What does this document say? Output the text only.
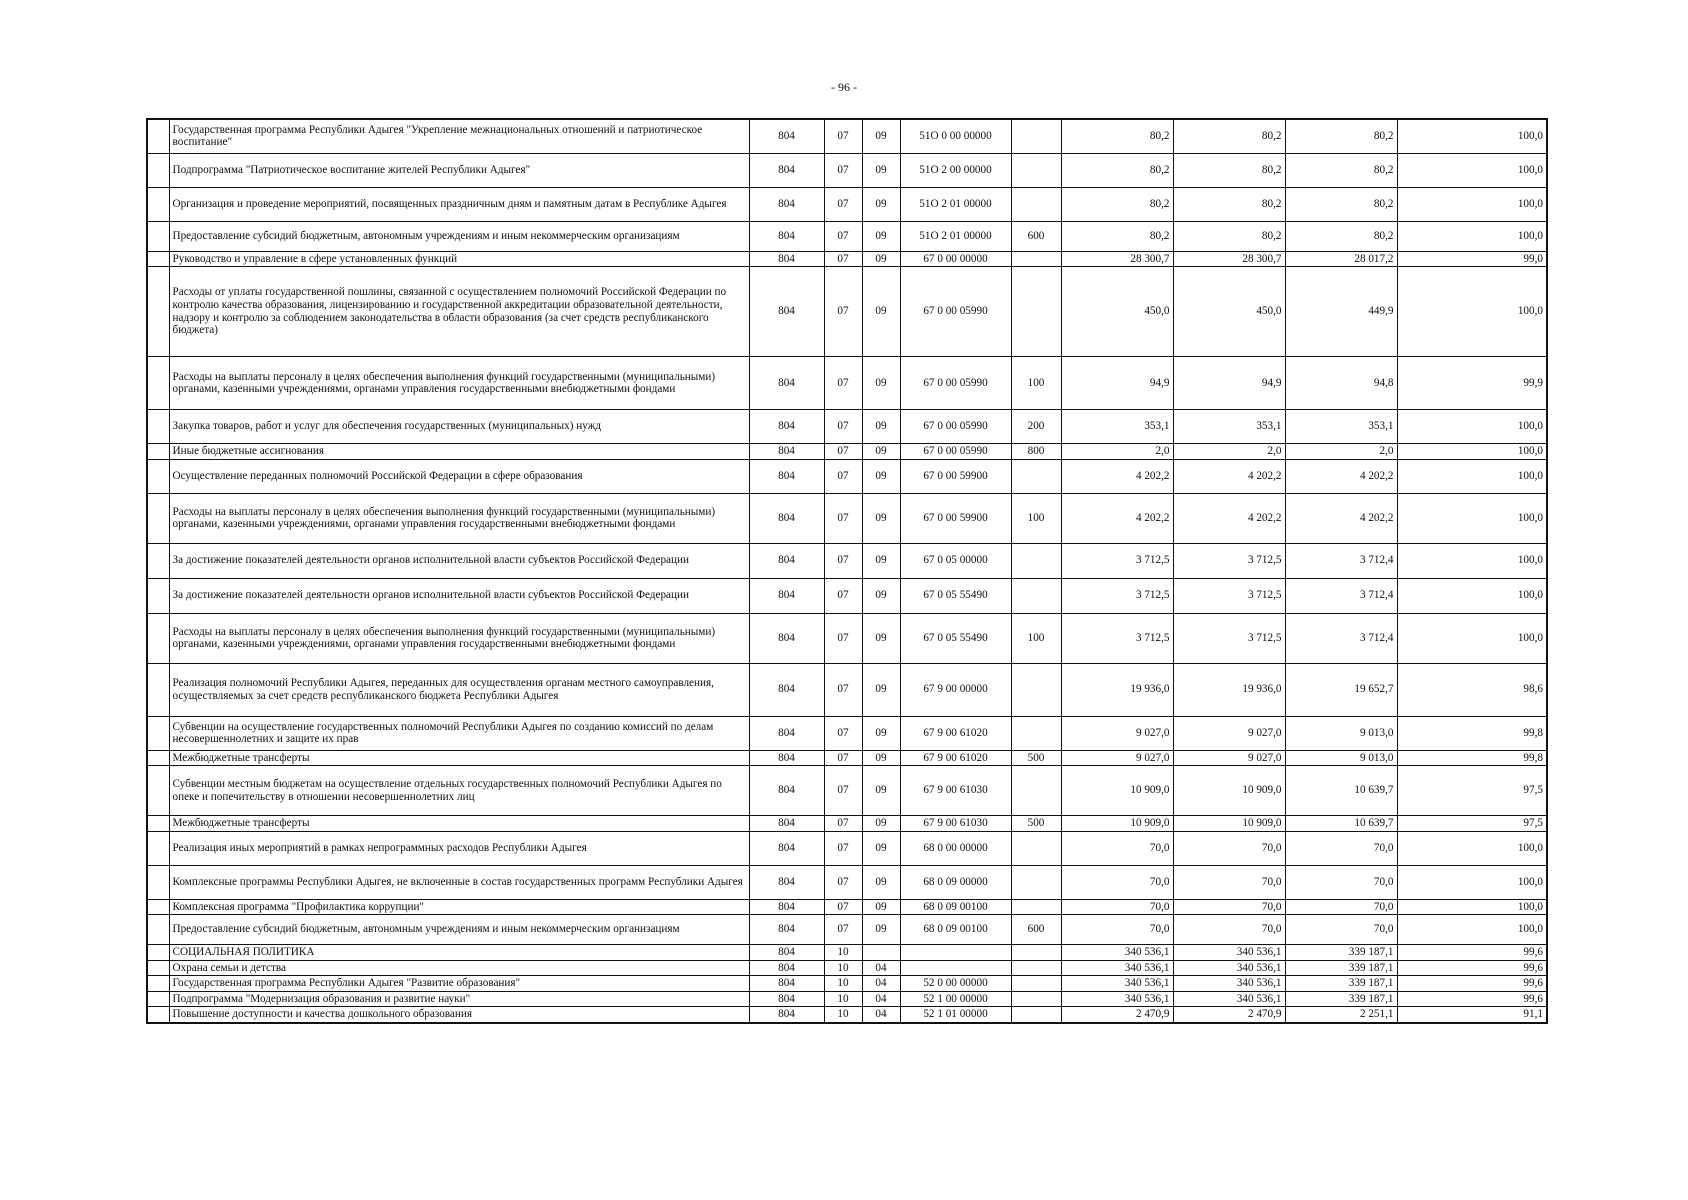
- 96 -
	Государственная программа Республики Адыгея "Укрепление межнациональных отношений и патриотическое воспитание"	804	07	09	51О 0 00 00000		80,2	80,2	80,2	100,0
	Подпрограмма "Патриотическое воспитание жителей Республики Адыгея"	804	07	09	51О 2 00 00000		80,2	80,2	80,2	100,0
	Организация и проведение мероприятий, посвященных праздничным дням и памятным датам в Республике Адыгея	804	07	09	51О 2 01 00000		80,2	80,2	80,2	100,0
	Предоставление субсидий бюджетным, автономным учреждениям и иным некоммерческим организациям	804	07	09	51О 2 01 00000	600	80,2	80,2	80,2	100,0
	Руководство и управление в сфере установленных функций	804	07	09	67 0 00 00000		28 300,7	28 300,7	28 017,2	99,0
	Расходы от уплаты государственной пошлины, связанной с осуществлением полномочий Российской Федерации по контролю качества образования, лицензированию и государственной аккредитации образовательной деятельности, надзору и контролю за соблюдением законодательства в области образования (за счет средств республиканского бюджета)	804	07	09	67 0 00 05990		450,0	450,0	449,9	100,0
	Расходы на выплаты персоналу в целях обеспечения выполнения функций государственными (муниципальными) органами, казенными учреждениями, органами управления государственными внебюджетными фондами	804	07	09	67 0 00 05990	100	94,9	94,9	94,8	99,9
	Закупка товаров, работ и услуг для обеспечения государственных (муниципальных) нужд	804	07	09	67 0 00 05990	200	353,1	353,1	353,1	100,0
	Иные бюджетные ассигнования	804	07	09	67 0 00 05990	800	2,0	2,0	2,0	100,0
	Осуществление переданных полномочий Российской Федерации в сфере образования	804	07	09	67 0 00 59900		4 202,2	4 202,2	4 202,2	100,0
	Расходы на выплаты персоналу в целях обеспечения выполнения функций государственными (муниципальными) органами, казенными учреждениями, органами управления государственными внебюджетными фондами	804	07	09	67 0 00 59900	100	4 202,2	4 202,2	4 202,2	100,0
	За достижение показателей деятельности органов исполнительной власти субъектов Российской Федерации	804	07	09	67 0 05 00000		3 712,5	3 712,5	3 712,4	100,0
	За достижение показателей деятельности органов исполнительной власти субъектов Российской Федерации	804	07	09	67 0 05 55490		3 712,5	3 712,5	3 712,4	100,0
	Расходы на выплаты персоналу в целях обеспечения выполнения функций государственными (муниципальными) органами, казенными учреждениями, органами управления государственными внебюджетными фондами	804	07	09	67 0 05 55490	100	3 712,5	3 712,5	3 712,4	100,0
	Реализация полномочий Республики Адыгея, переданных для осуществления органам местного самоуправления, осуществляемых за счет средств республиканского бюджета Республики Адыгея	804	07	09	67 9 00 00000		19 936,0	19 936,0	19 652,7	98,6
	Субвенции на осуществление государственных полномочий Республики Адыгея по созданию комиссий по делам несовершеннолетних и защите их прав	804	07	09	67 9 00 61020		9 027,0	9 027,0	9 013,0	99,8
	Межбюджетные трансферты	804	07	09	67 9 00 61020	500	9 027,0	9 027,0	9 013,0	99,8
	Субвенции местным бюджетам на осуществление отдельных государственных полномочий Республики Адыгея по опеке и попечительству в отношении несовершеннолетних лиц	804	07	09	67 9 00 61030		10 909,0	10 909,0	10 639,7	97,5
	Межбюджетные трансферты	804	07	09	67 9 00 61030	500	10 909,0	10 909,0	10 639,7	97,5
	Реализация иных мероприятий в рамках непрограммных расходов Республики Адыгея	804	07	09	68 0 00 00000		70,0	70,0	70,0	100,0
	Комплексные программы Республики Адыгея, не включенные в состав государственных программ Республики Адыгея	804	07	09	68 0 09 00000		70,0	70,0	70,0	100,0
	Комплексная программа "Профилактика коррупции"	804	07	09	68 0 09 00100		70,0	70,0	70,0	100,0
	Предоставление субсидий бюджетным, автономным учреждениям и иным некоммерческим организациям	804	07	09	68 0 09 00100	600	70,0	70,0	70,0	100,0
	СОЦИАЛЬНАЯ ПОЛИТИКА	804	10				340 536,1	340 536,1	339 187,1	99,6
	Охрана семьи и детства	804	10	04			340 536,1	340 536,1	339 187,1	99,6
	Государственная программа Республики Адыгея "Развитие образования"	804	10	04	52 0 00 00000		340 536,1	340 536,1	339 187,1	99,6
	Подпрограмма "Модернизация образования и развитие науки"	804	10	04	52 1 00 00000		340 536,1	340 536,1	339 187,1	99,6
	Повышение доступности и качества дошкольного образования	804	10	04	52 1 01 00000		2 470,9	2 470,9	2 251,1	91,1
